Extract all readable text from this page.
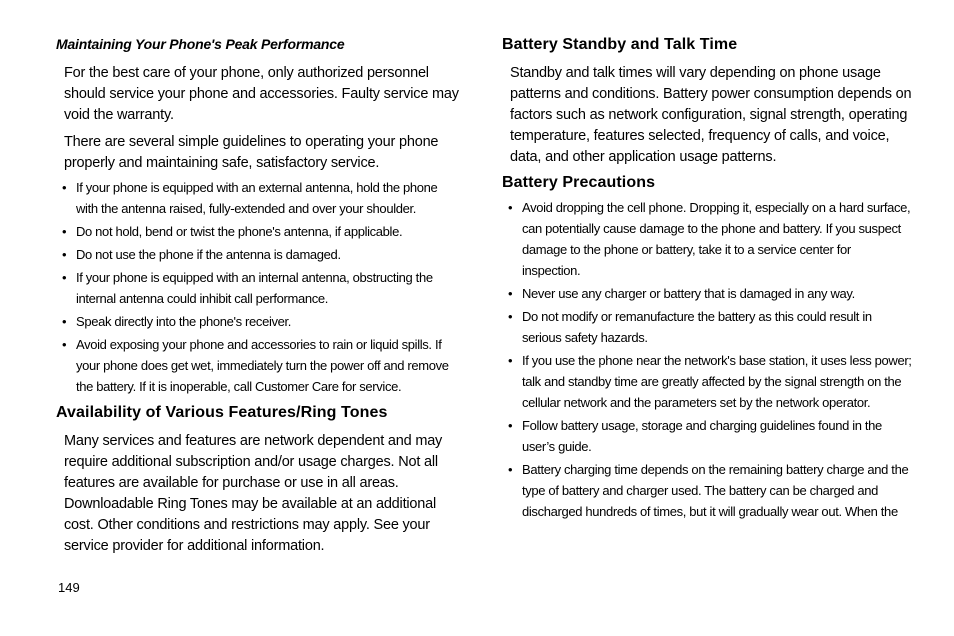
Maintaining Your Phone's Peak Performance

For the best care of your phone, only authorized personnel should service your phone and accessories. Faulty service may void the warranty.

There are several simple guidelines to operating your phone properly and maintaining safe, satisfactory service.

• If your phone is equipped with an external antenna, hold the phone with the antenna raised, fully-extended and over your shoulder.
• Do not hold, bend or twist the phone's antenna, if applicable.
• Do not use the phone if the antenna is damaged.
• If your phone is equipped with an internal antenna, obstructing the internal antenna could inhibit call performance.
• Speak directly into the phone's receiver.
• Avoid exposing your phone and accessories to rain or liquid spills. If your phone does get wet, immediately turn the power off and remove the battery. If it is inoperable, call Customer Care for service.
Availability of Various Features/Ring Tones

Many services and features are network dependent and may require additional subscription and/or usage charges. Not all features are available for purchase or use in all areas. Downloadable Ring Tones may be available at an additional cost. Other conditions and restrictions may apply. See your service provider for additional information.

Battery Standby and Talk Time

Standby and talk times will vary depending on phone usage patterns and conditions. Battery power consumption depends on factors such as network configuration, signal strength, operating temperature, features selected, frequency of calls, and voice, data, and other application usage patterns.

Battery Precautions
• Avoid dropping the cell phone. Dropping it, especially on a hard surface, can potentially cause damage to the phone and battery. If you suspect damage to the phone or battery, take it to a service center for inspection.
• Never use any charger or battery that is damaged in any way.
• Do not modify or remanufacture the battery as this could result in serious safety hazards.
• If you use the phone near the network's base station, it uses less power; talk and standby time are greatly affected by the signal strength on the cellular network and the parameters set by the network operator.
• Follow battery usage, storage and charging guidelines found in the user’s guide.
• Battery charging time depends on the remaining battery charge and the type of battery and charger used. The battery can be charged and discharged hundreds of times, but it will gradually wear out. When the
149
